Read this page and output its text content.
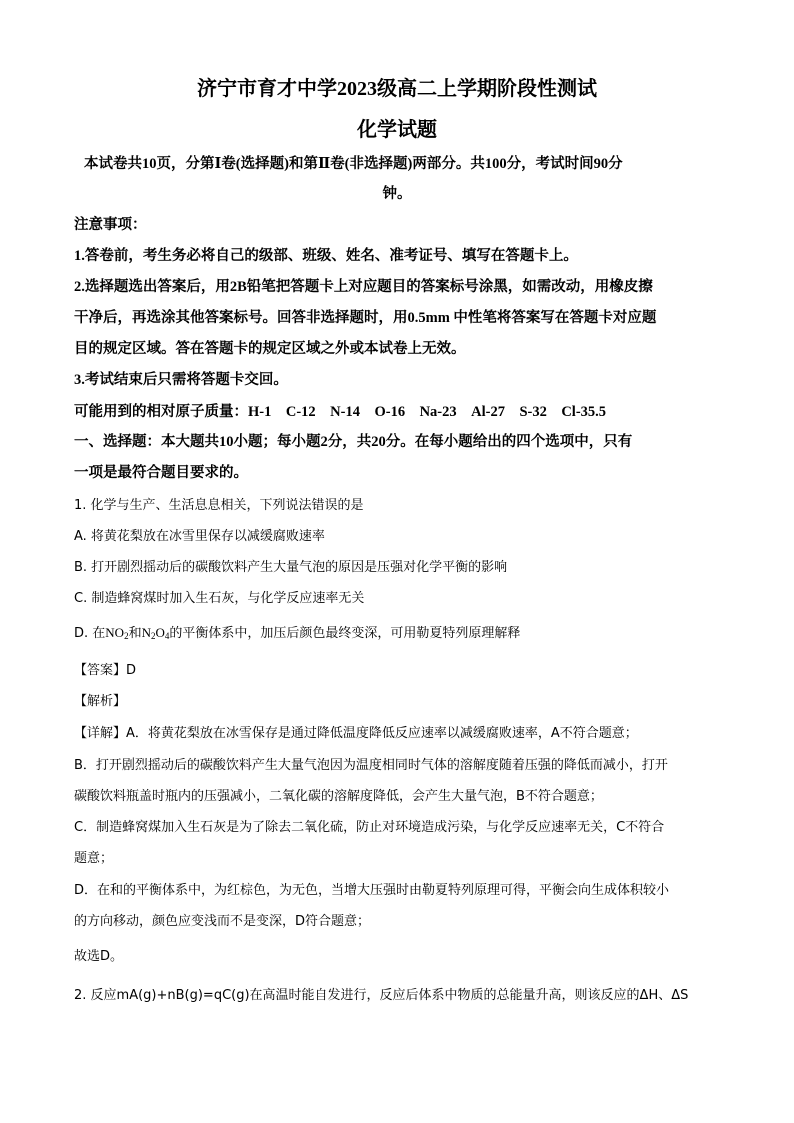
济宁市育才中学2023级高二上学期阶段性测试
化学试题
本试卷共10页，分第Ⅰ卷(选择题)和第Ⅱ卷(非选择题)两部分。共100分，考试时间90分
钟。
注意事项：
1.答卷前，考生务必将自己的级部、班级、姓名、准考证号、填写在答题卡上。
2.选择题选出答案后，用2B铅笔把答题卡上对应题目的答案标号涂黑，如需改动，用橡皮擦
干净后，再选涂其他答案标号。回答非选择题时，用0.5mm 中性笔将答案写在答题卡对应题
目的规定区域。答在答题卡的规定区域之外或本试卷上无效。
3.考试结束后只需将答题卡交回。
可能用到的相对原子质量：H-1　C-12　N-14　O-16　Na-23　Al-27　S-32　Cl-35.5
一、选择题：本大题共10小题；每小题2分，共20分。在每小题给出的四个选项中，只有
一项是最符合题目要求的。
1. 化学与生产、生活息息相关，下列说法错误的是
A. 将黄花梨放在冰雪里保存以减缓腐败速率
B. 打开剧烈摇动后的碳酸饮料产生大量气泡的原因是压强对化学平衡的影响
C. 制造蜂窝煤时加入生石灰，与化学反应速率无关
D. 在$NO_2$和$N_2O_4$的平衡体系中，加压后颜色最终变深，可用勒夏特列原理解释
【答案】D
【解析】
【详解】A．将黄花梨放在冰雪保存是通过降低温度降低反应速率以减缓腐败速率，A不符合题意；
B．打开剧烈摇动后的碳酸饮料产生大量气泡因为温度相同时气体的溶解度随着压强的降低而减小，打开
碳酸饮料瓶盖时瓶内的压强减小，二氧化碳的溶解度降低，会产生大量气泡，B不符合题意；
C．制造蜂窝煤加入生石灰是为了除去二氧化硫，防止对环境造成污染，与化学反应速率无关，C不符合
题意；
D．在和的平衡体系中，为红棕色，为无色，当增大压强时由勒夏特列原理可得，平衡会向生成体积较小
的方向移动，颜色应变浅而不是变深，D符合题意；
故选D。
2. 反应mA(g)+nB(g)=qC(g)在高温时能自发进行，反应后体系中物质的总能量升高，则该反应的ΔH、ΔS
